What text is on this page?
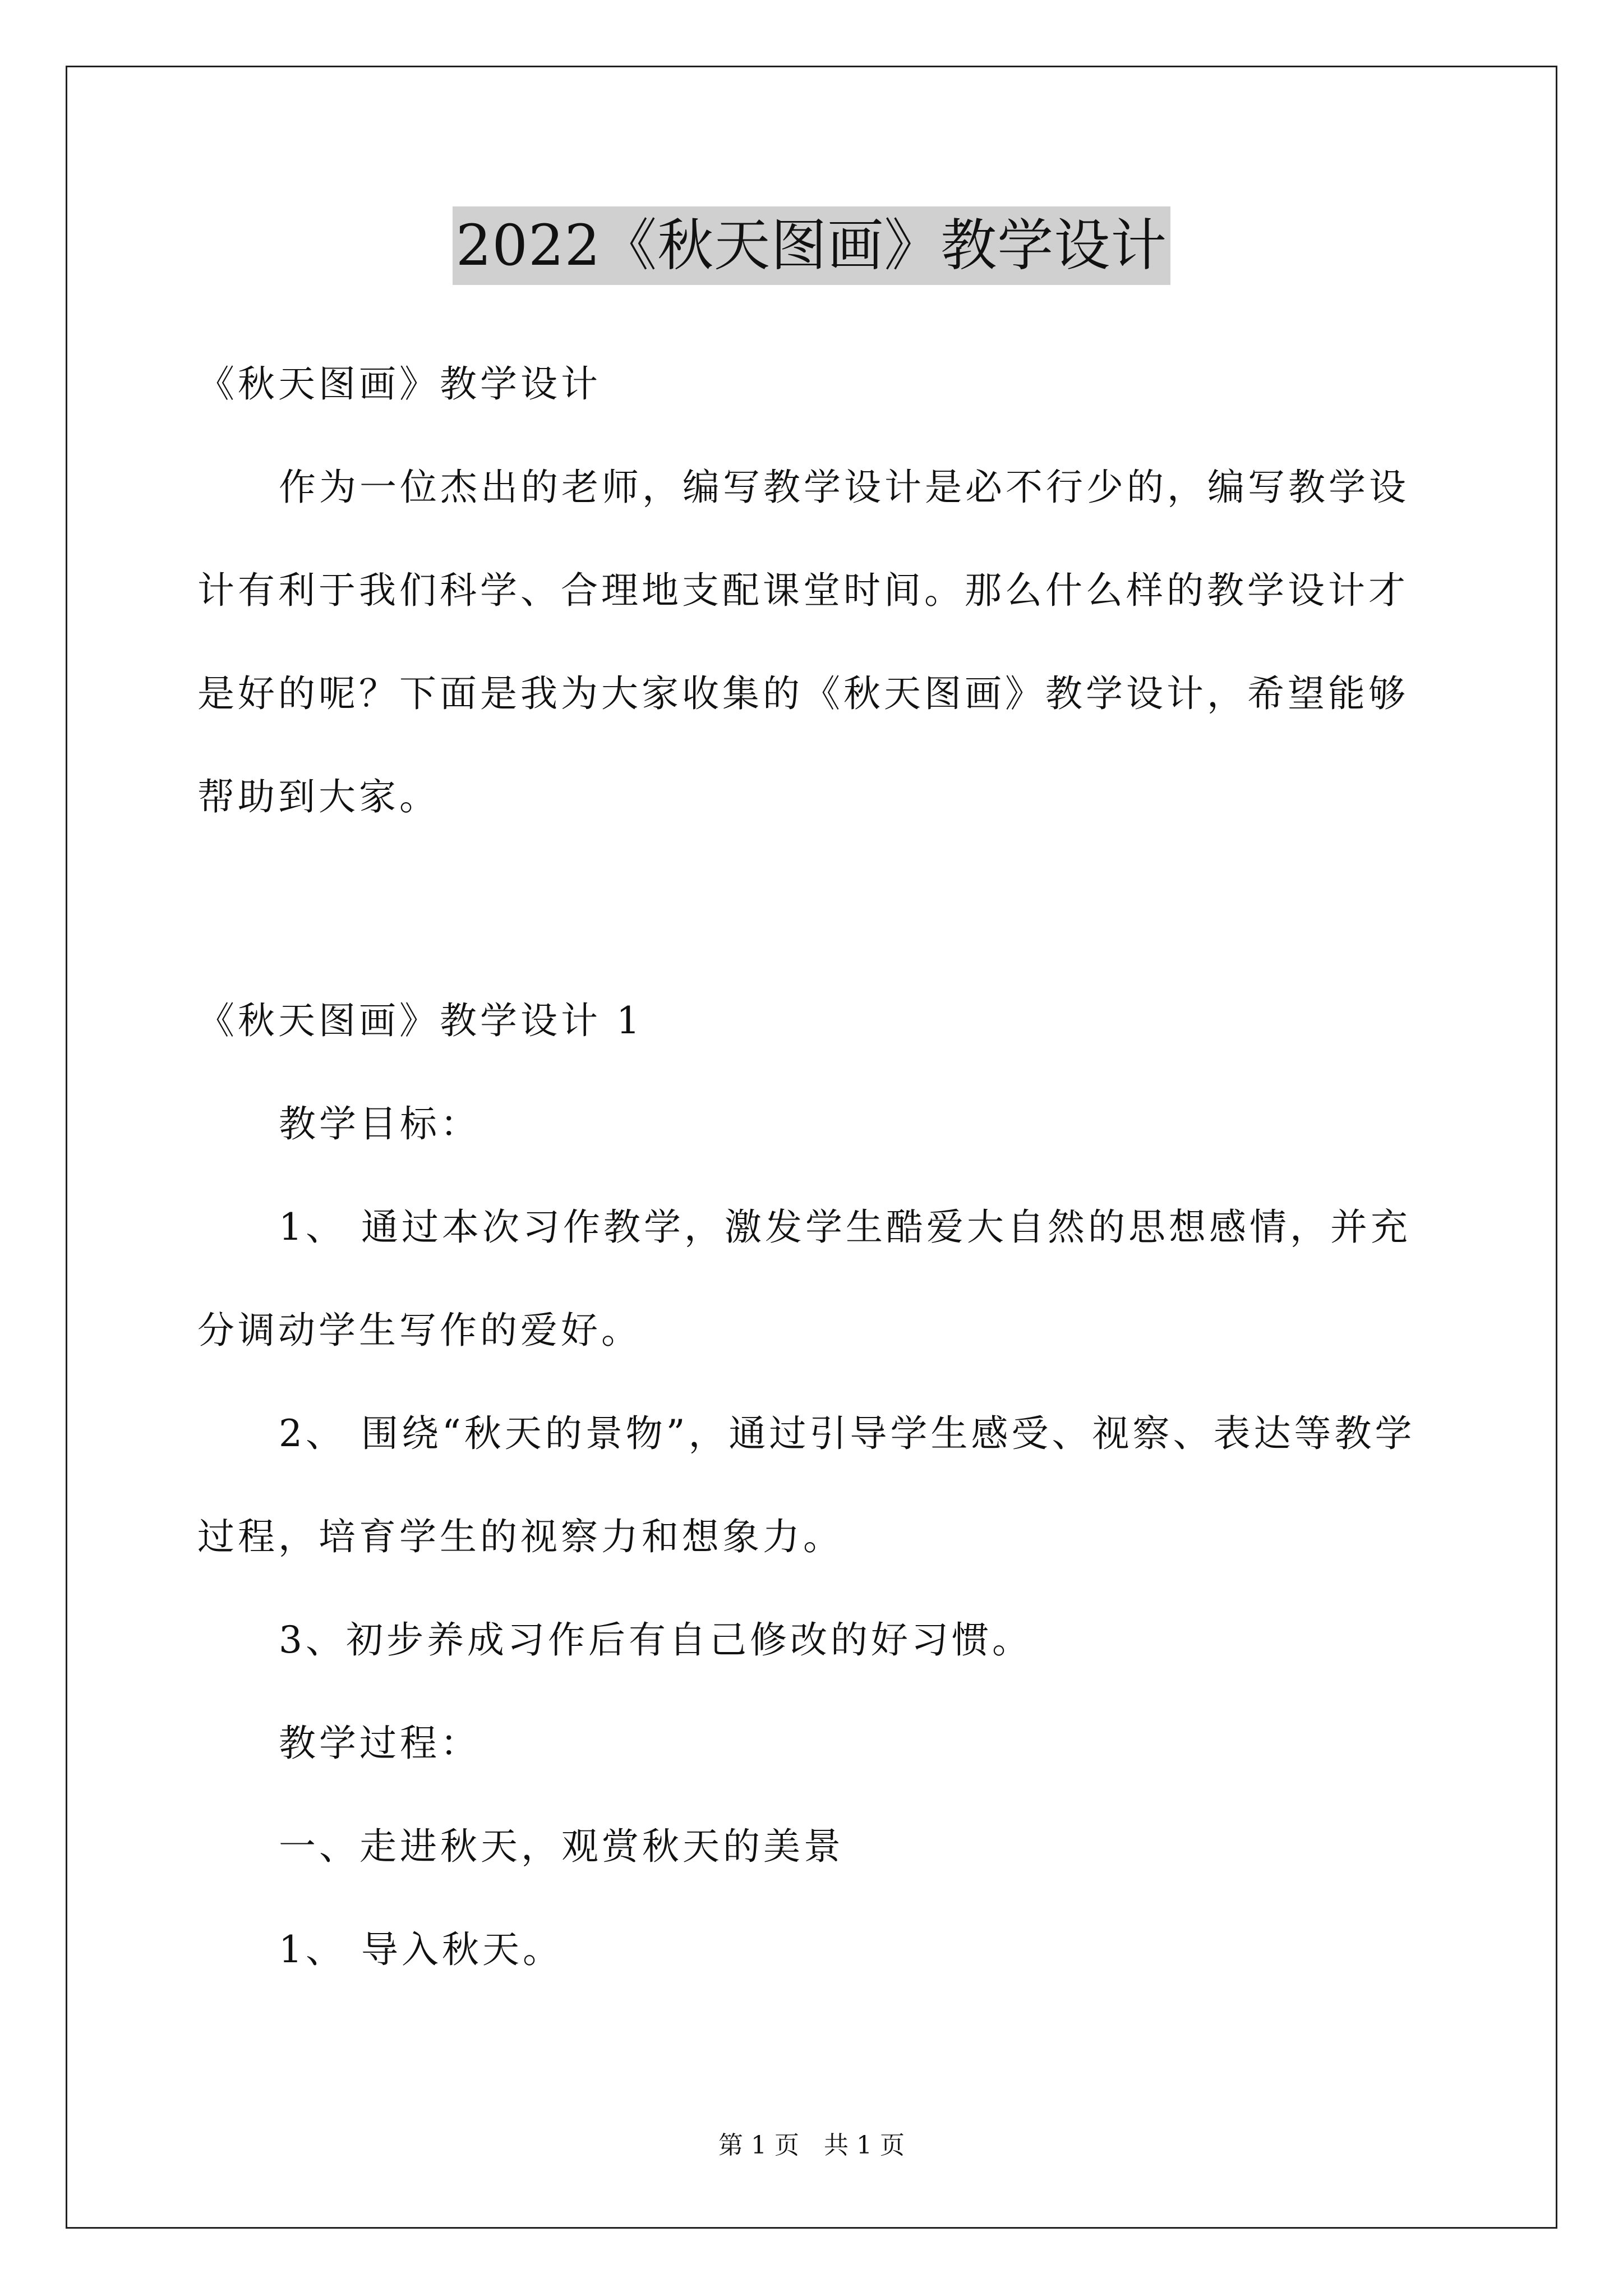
2022《秋天图画》教学设计
《秋天图画》教学设计
作为一位杰出的老师，编写教学设计是必不行少的，编写教学设
计有利于我们科学、合理地支配课堂时间。那么什么样的教学设计才
是好的呢？下面是我为大家收集的《秋天图画》教学设计，希望能够
帮助到大家。
《秋天图画》教学设计 1
教学目标：
1、 通过本次习作教学，激发学生酷爱大自然的思想感情，并充
分调动学生写作的爱好。
2、 围绕“秋天的景物”，通过引导学生感受、视察、表达等教学
过程，培育学生的视察力和想象力。
3、初步养成习作后有自己修改的好习惯。
教学过程：
一、走进秋天，观赏秋天的美景
1、 导入秋天。
第 1 页　共 1 页
